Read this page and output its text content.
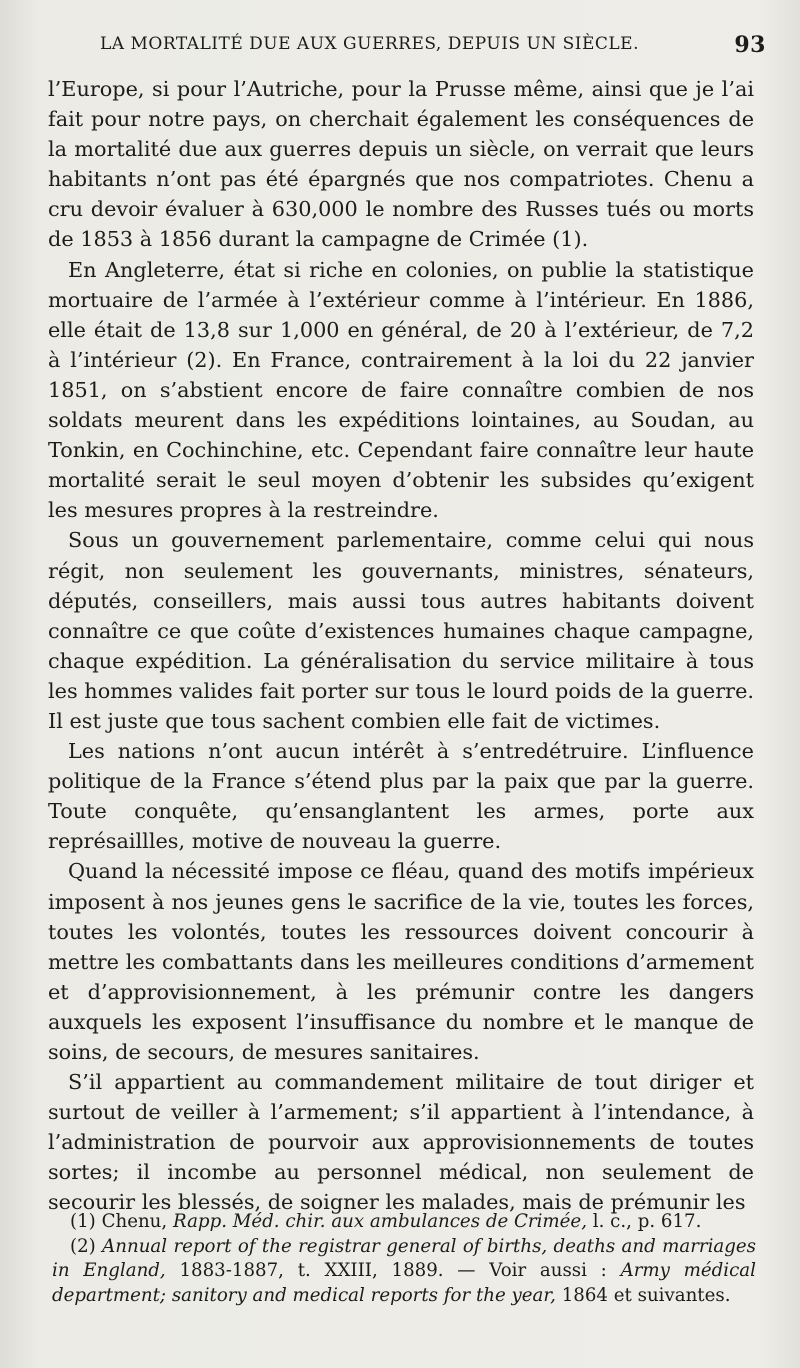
LA MORTALITÉ DUE AUX GUERRES, DEPUIS UN SIÈCLE.	93

l’Europe, si pour l’Autriche, pour la Prusse même, ainsi que je l’ai fait pour notre pays, on cherchait également les conséquences de la mortalité due aux guerres depuis un siècle, on verrait que leurs habitants n’ont pas été épargnés que nos compatriotes. Chenu a cru devoir évaluer à 630,000 le nombre des Russes tués ou morts de 1853 à 1856 durant la campagne de Crimée (1).

En Angleterre, état si riche en colonies, on publie la statistique mortuaire de l’armée à l’extérieur comme à l’intérieur. En 1886, elle était de 13,8 sur 1,000 en général, de 20 à l’extérieur, de 7,2 à l’intérieur (2). En France, contrairement à la loi du 22 janvier 1851, on s’abstient encore de faire connaître combien de nos soldats meurent dans les expéditions lointaines, au Soudan, au Tonkin, en Cochinchine, etc. Cependant faire connaître leur haute mortalité serait le seul moyen d’obtenir les subsides qu’exigent les mesures propres à la restreindre.

Sous un gouvernement parlementaire, comme celui qui nous régit, non seulement les gouvernants, ministres, sénateurs, députés, conseillers, mais aussi tous autres habitants doivent connaître ce que coûte d’existences humaines chaque campagne, chaque expédition. La généralisation du service militaire à tous les hommes valides fait porter sur tous le lourd poids de la guerre. Il est juste que tous sachent combien elle fait de victimes.

Les nations n’ont aucun intérêt à s’entredétruire. L’influence politique de la France s’étend plus par la paix que par la guerre. Toute conquête, qu’ensanglantent les armes, porte aux représaillles, motive de nouveau la guerre.

Quand la nécessité impose ce fléau, quand des motifs impérieux imposent à nos jeunes gens le sacrifice de la vie, toutes les forces, toutes les volontés, toutes les ressources doivent concourir à mettre les combattants dans les meilleures conditions d’armement et d’approvisionnement, à les prémunir contre les dangers auxquels les exposent l’insuffisance du nombre et le manque de soins, de secours, de mesures sanitaires.

S’il appartient au commandement militaire de tout diriger et surtout de veiller à l’armement; s’il appartient à l’intendance, à l’administration de pourvoir aux approvisionnements de toutes sortes; il incombe au personnel médical, non seulement de secourir les blessés, de soigner les malades, mais de prémunir les

(1) Chenu, Rapp. Méd. chir. aux ambulances de Crimée, l. c., p. 617.

(2) Annual report of the registrar general of births, deaths and marriages in England, 1883-1887, t. XXIII, 1889. — Voir aussi : Army médical department; sanitory and medical reports for the year, 1864 et suivantes.
